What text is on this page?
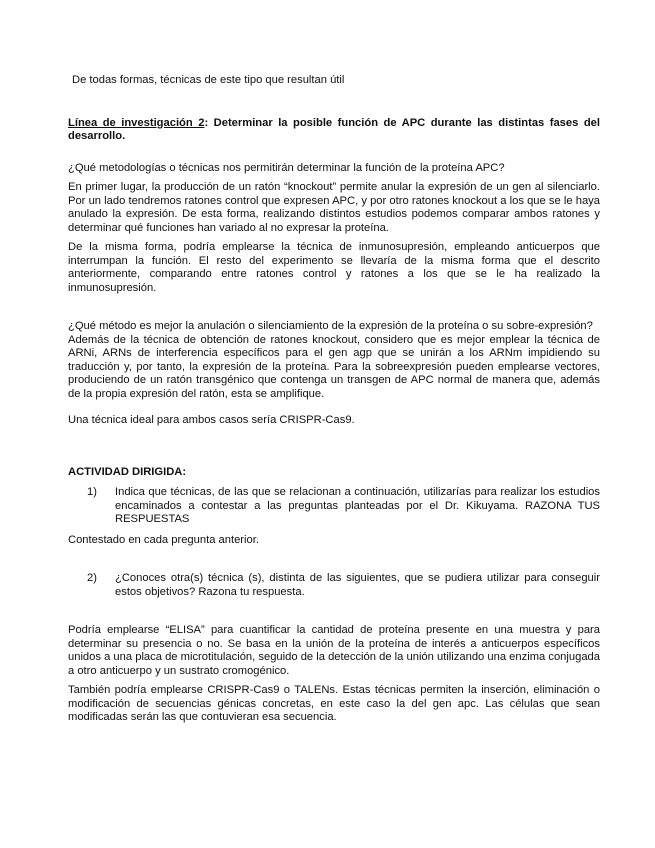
De todas formas, técnicas de este tipo que resultan útil

Línea de investigación 2: Determinar la posible función de APC durante las distintas fases del desarrollo.

¿Qué metodologías o técnicas nos permitirán determinar la función de la proteína APC?

En primer lugar, la producción de un ratón “knockout” permite anular la expresión de un gen al silenciarlo. Por un lado tendremos ratones control que expresen APC, y por otro ratones knockout a los que se le haya anulado la expresión. De esta forma, realizando distintos estudios podemos comparar ambos ratones y determinar qué funciones han variado al no expresar la proteína.

De la misma forma, podría emplearse la técnica de inmunosupresión, empleando anticuerpos que interrumpan la función. El resto del experimento se llevaría de la misma forma que el descrito anteriormente, comparando entre ratones control y ratones a los que se le ha realizado la inmunosupresión.

¿Qué método es mejor la anulación o silenciamiento de la expresión de la proteína o su sobre-expresión?

Además de la técnica de obtención de ratones knockout, considero que es mejor emplear la técnica de ARNi, ARNs de interferencia específicos para el gen agp que se unirán a los ARNm impidiendo su traducción y, por tanto, la expresión de la proteína. Para la sobreexpresión pueden emplearse vectores, produciendo de un ratón transgénico que contenga un transgen de APC normal de manera que, además de la propia expresión del ratón, esta se amplifique.

Una técnica ideal para ambos casos sería CRISPR-Cas9.

ACTIVIDAD DIRIGIDA:

1)	Indica que técnicas, de las que se relacionan a continuación, utilizarías para realizar los estudios encaminados a contestar a las preguntas planteadas por el Dr. Kikuyama. RAZONA TUS RESPUESTAS

Contestado en cada pregunta anterior.

2)	¿Conoces otra(s) técnica (s), distinta de las siguientes, que se pudiera utilizar para conseguir estos objetivos? Razona tu respuesta.

Podría emplearse “ELISA” para cuantificar la cantidad de proteína presente en una muestra y para determinar su presencia o no. Se basa en la unión de la proteína de interés a anticuerpos específicos unidos a una placa de microtitulación, seguido de la detección de la unión utilizando una enzima conjugada a otro anticuerpo y un sustrato cromogénico.

También podría emplearse CRISPR-Cas9 o TALENs. Estas técnicas permiten la inserción, eliminación o modificación de secuencias génicas concretas, en este caso la del gen apc. Las células que sean modificadas serán las que contuvieran esa secuencia.
